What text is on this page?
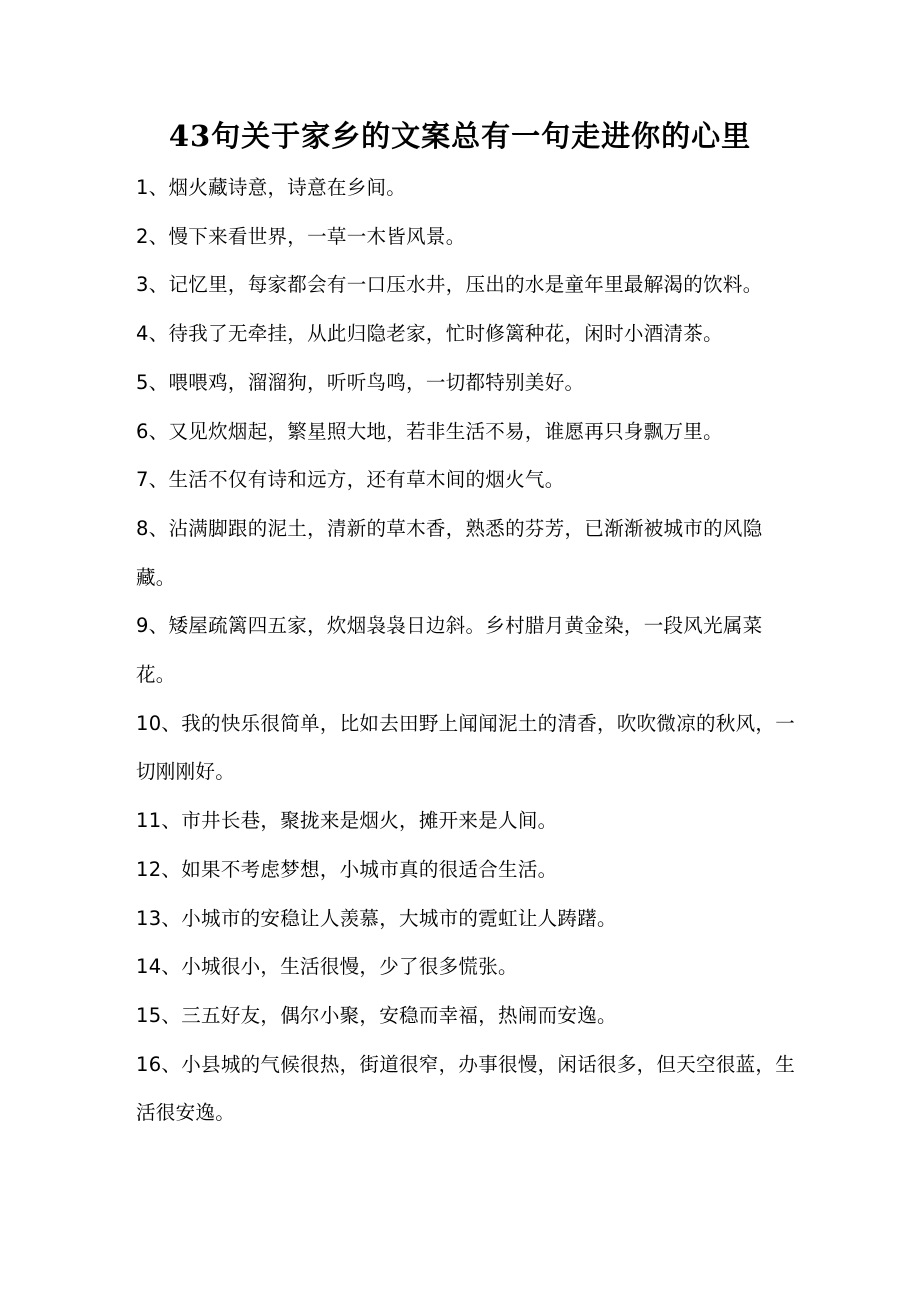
43句关于家乡的文案总有一句走进你的心里
1、烟火藏诗意，诗意在乡间。
2、慢下来看世界，一草一木皆风景。
3、记忆里，每家都会有一口压水井，压出的水是童年里最解渴的饮料。
4、待我了无牵挂，从此归隐老家，忙时修篱种花，闲时小酒清茶。
5、喂喂鸡，溜溜狗，听听鸟鸣，一切都特别美好。
6、又见炊烟起，繁星照大地，若非生活不易，谁愿再只身飘万里。
7、生活不仅有诗和远方，还有草木间的烟火气。
8、沾满脚跟的泥土，清新的草木香，熟悉的芬芳，已渐渐被城市的风隐藏。
9、矮屋疏篱四五家，炊烟袅袅日边斜。乡村腊月黄金染，一段风光属菜花。
10、我的快乐很简单，比如去田野上闻闻泥土的清香，吹吹微凉的秋风，一切刚刚好。
11、市井长巷，聚拢来是烟火，摊开来是人间。
12、如果不考虑梦想，小城市真的很适合生活。
13、小城市的安稳让人羡慕，大城市的霓虹让人踌躇。
14、小城很小，生活很慢，少了很多慌张。
15、三五好友，偶尔小聚，安稳而幸福，热闹而安逸。
16、小县城的气候很热，街道很窄，办事很慢，闲话很多，但天空很蓝，生活很安逸。
